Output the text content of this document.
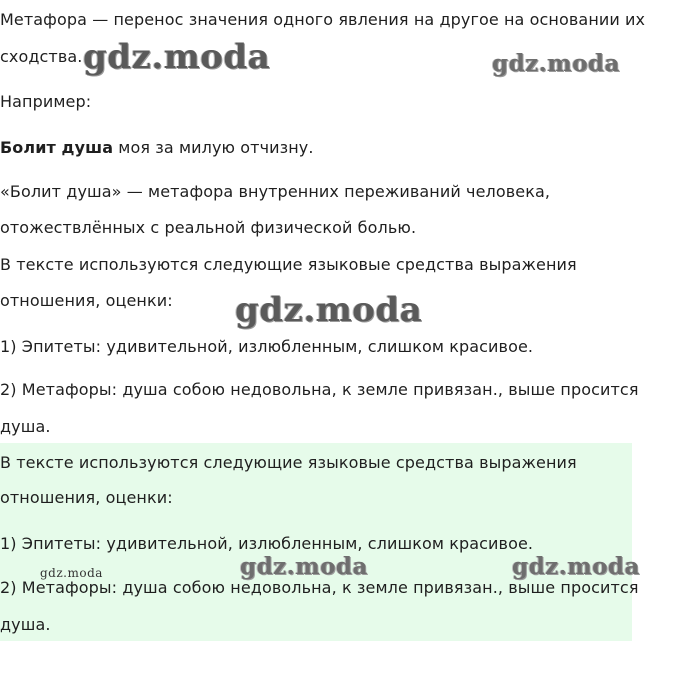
Метафора — перенос значения одного явления на другое на основании их
сходства.
Например:
Болит душа моя за милую отчизну.
«Болит душа» — метафора внутренних переживаний человека,
отожествлённых с реальной физической болью.
В тексте используются следующие языковые средства выражения
отношения, оценки:
1) Эпитеты: удивительной, излюбленным, слишком красивое.
2) Метафоры: душа собою недовольна, к земле привязан., выше просится
душа.
В тексте используются следующие языковые средства выражения
отношения, оценки:
1) Эпитеты: удивительной, излюбленным, слишком красивое.
2) Метафоры: душа собою недовольна, к земле привязан., выше просится
душа.
gdz.moda	gdz.moda
gdz.moda
gdz.moda	gdz.moda	gdz.moda
